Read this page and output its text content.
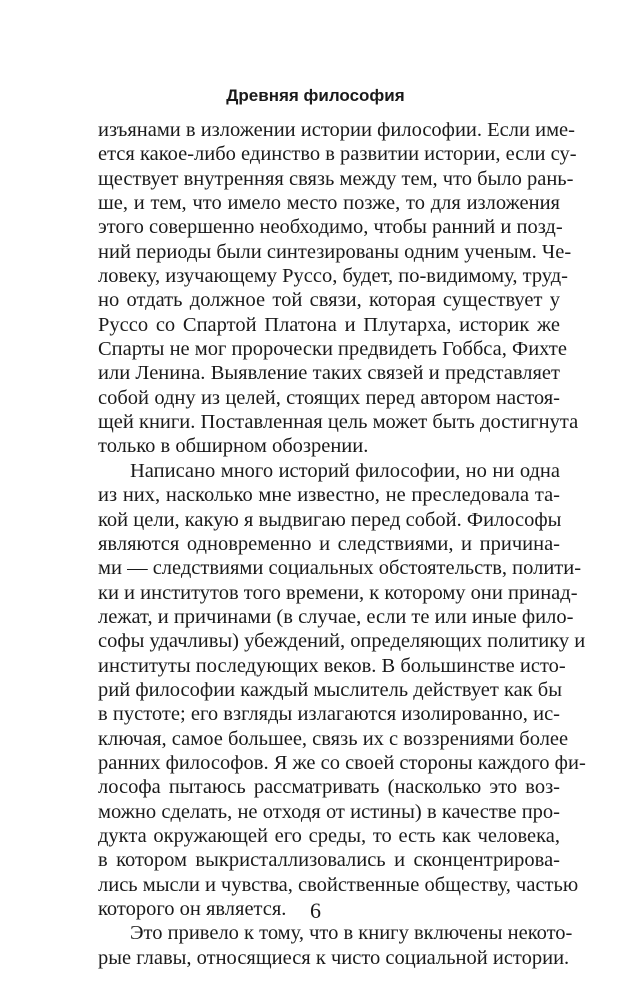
Древняя философия
изъянами в изложении истории философии. Если име-
ется какое-либо единство в развитии истории, если су-
ществует внутренняя связь между тем, что было рань-
ше, и тем, что имело место позже, то для изложения
этого совершенно необходимо, чтобы ранний и позд-
ний периоды были синтезированы одним ученым. Че-
ловеку, изучающему Руссо, будет, по-видимому, труд-
но отдать должное той связи, которая существует у
Руссо со Спартой Платона и Плутарха, историк же
Спарты не мог пророчески предвидеть Гоббса, Фихте
или Ленина. Выявление таких связей и представляет
собой одну из целей, стоящих перед автором настоя-
щей книги. Поставленная цель может быть достигнута
только в обширном обозрении.
Написано много историй философии, но ни одна
из них, насколько мне известно, не преследовала та-
кой цели, какую я выдвигаю перед собой. Философы
являются одновременно и следствиями, и причина-
ми — следствиями социальных обстоятельств, полити-
ки и институтов того времени, к которому они принад-
лежат, и причинами (в случае, если те или иные фило-
софы удачливы) убеждений, определяющих политику и
институты последующих веков. В большинстве исто-
рий философии каждый мыслитель действует как бы
в пустоте; его взгляды излагаются изолированно, ис-
ключая, самое большее, связь их с воззрениями более
ранних философов. Я же со своей стороны каждого фи-
лософа пытаюсь рассматривать (насколько это воз-
можно сделать, не отходя от истины) в качестве про-
дукта окружающей его среды, то есть как человека,
в котором выкристаллизовались и сконцентрирова-
лись мысли и чувства, свойственные обществу, частью
которого он является.
Это привело к тому, что в книгу включены некото-
рые главы, относящиеся к чисто социальной истории.
6
